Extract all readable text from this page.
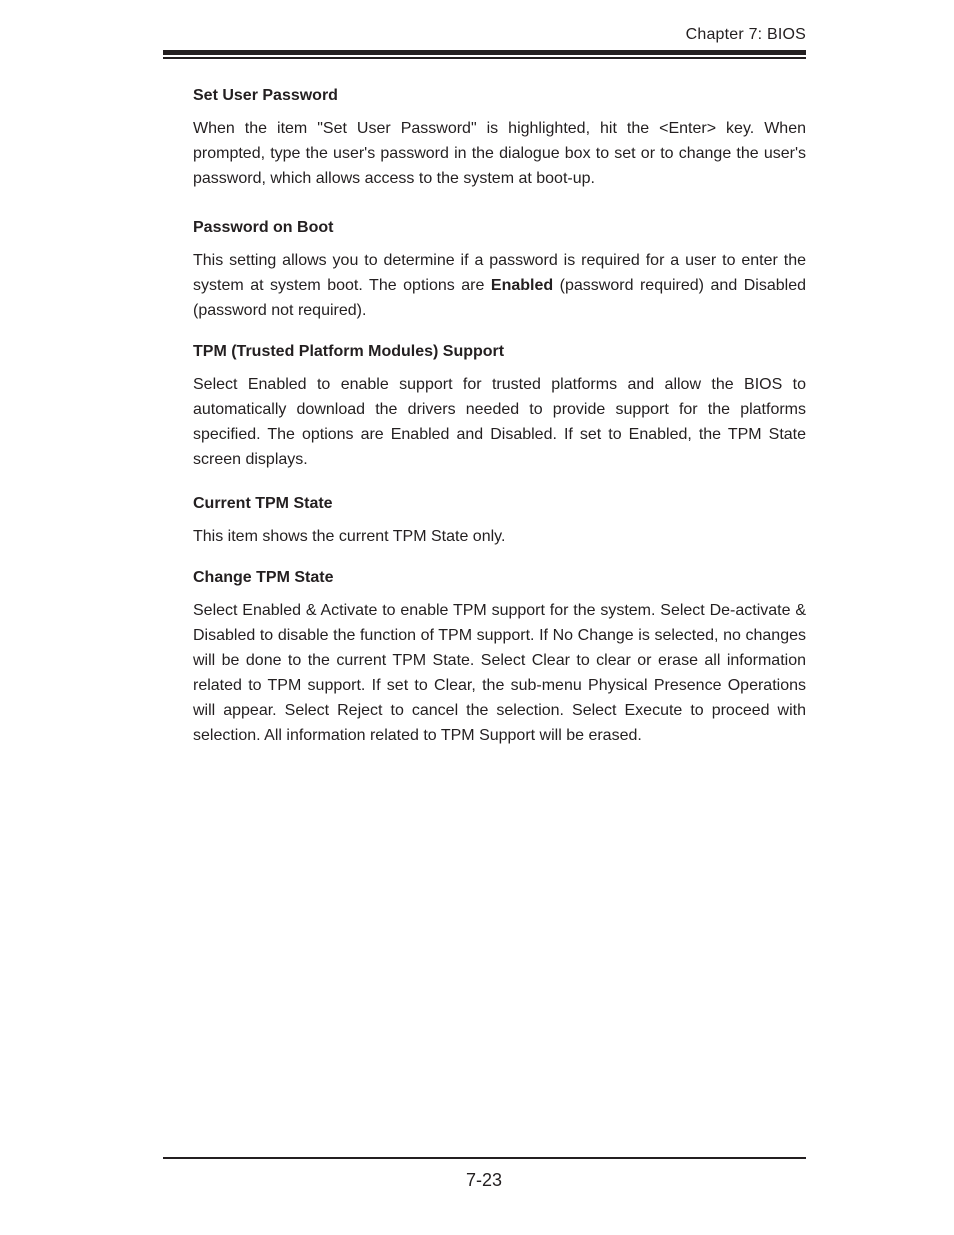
Chapter 7: BIOS
Set User Password

When the item "Set User Password" is highlighted, hit the <Enter> key. When prompted, type the user's password in the dialogue box to set or to change the user's password, which allows access to the system at boot-up.

Password on Boot

This setting allows you to determine if a password is required for a user to enter the system at system boot. The options are Enabled (password required) and Disabled (password not required).

TPM (Trusted Platform Modules) Support

Select Enabled to enable support for trusted platforms and allow the BIOS to automatically download the drivers needed to provide support for the platforms specified. The options are Enabled and Disabled. If set to Enabled, the TPM State screen displays.

Current TPM State

This item shows the current TPM State only.

Change TPM State

Select Enabled & Activate to enable TPM support for the system. Select De-activate & Disabled to disable the function of TPM support. If No Change is selected, no changes will be done to the current TPM State. Select Clear to clear or erase all information related to TPM support. If set to Clear, the sub-menu Physical Presence Operations will appear. Select Reject to cancel the selection. Select Execute to proceed with selection. All information related to TPM Support will be erased.

7-23
